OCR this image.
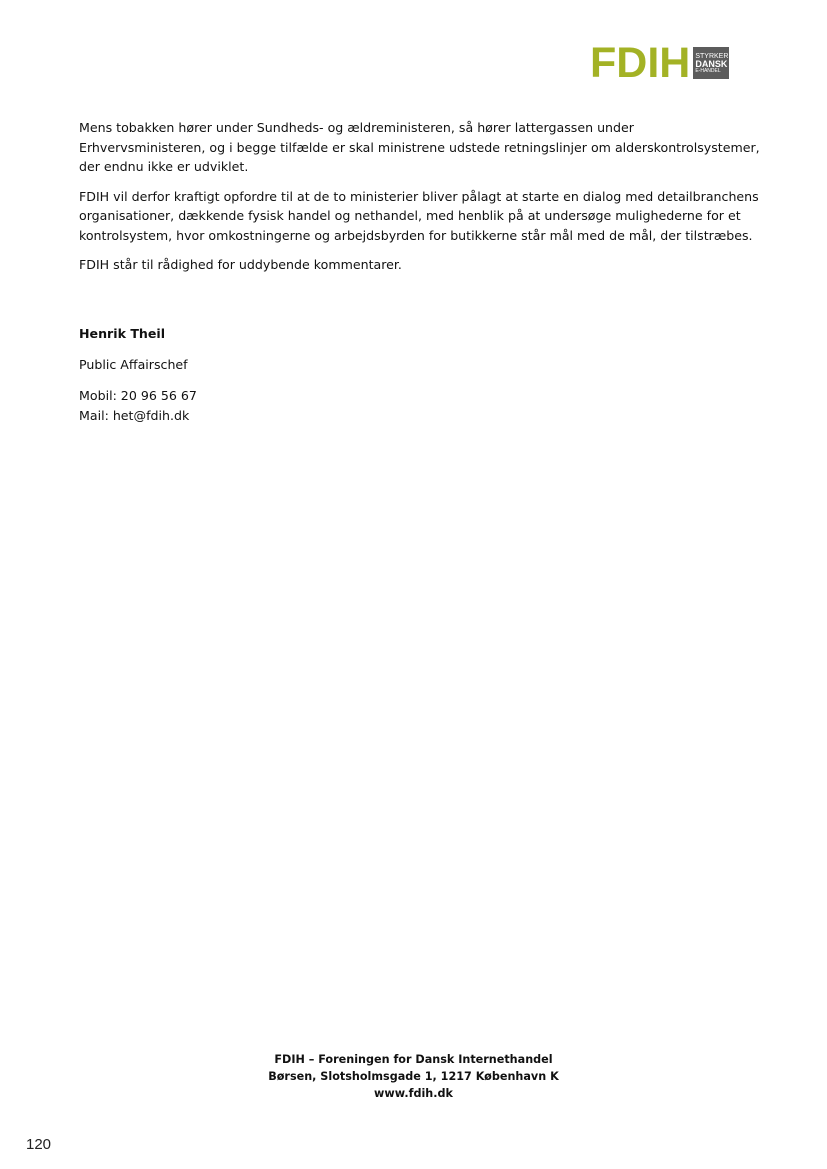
FDIH STYRKER
DANSK
E-HANDEL

Mens tobakken hører under Sundheds- og ældreministeren, så hører lattergassen under
Erhvervsministeren, og i begge tilfælde er skal ministrene udstede retningslinjer om alderskontrolsystemer,
der endnu ikke er udviklet.

FDIH vil derfor kraftigt opfordre til at de to ministerier bliver pålagt at starte en dialog med detailbranchens
organisationer, dækkende fysisk handel og nethandel, med henblik på at undersøge mulighederne for et
kontrolsystem, hvor omkostningerne og arbejdsbyrden for butikkerne står mål med de mål, der tilstræbes.

FDIH står til rådighed for uddybende kommentarer.

Henrik Theil
Public Affairschef
Mobil: 20 96 56 67
Mail: het@fdih.dk
FDIH – Foreningen for Dansk Internethandel
Børsen, Slotsholmsgade 1, 1217 København K
www.fdih.dk
120
